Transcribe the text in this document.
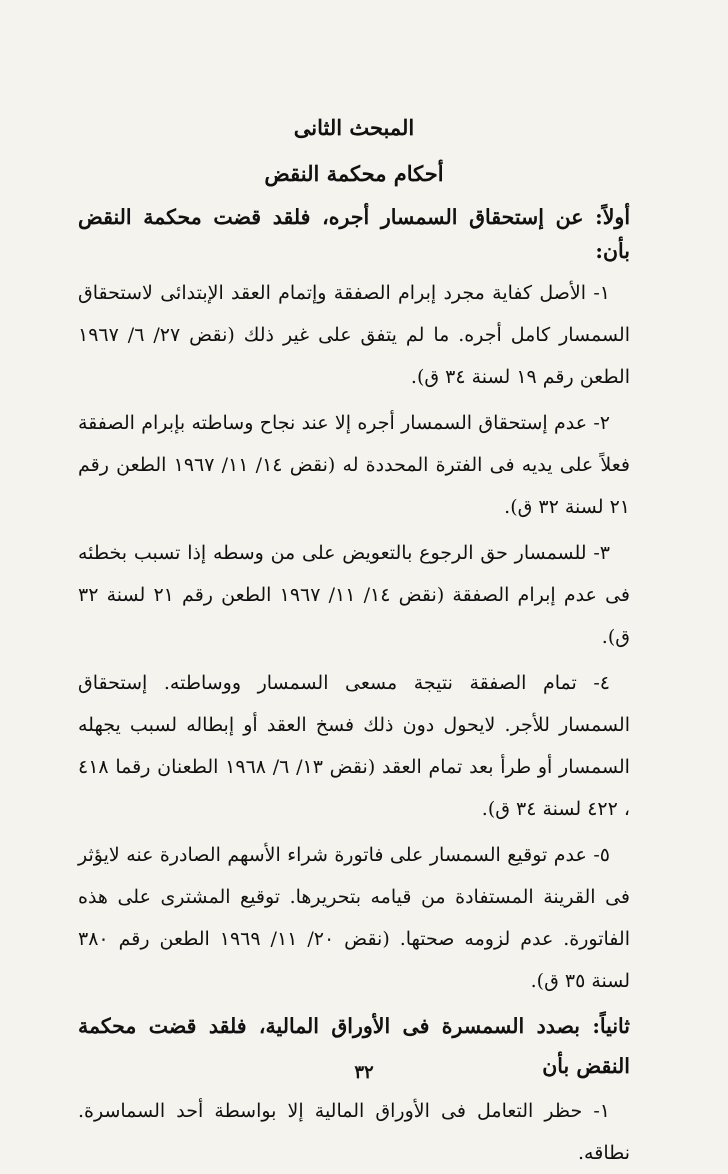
المبحث الثانى
أحكام محكمة النقض

أولاً: عن إستحقاق السمسار أجره، فلقد قضت محكمة النقض بأن:

١- الأصل كفاية مجرد إبرام الصفقة وإتمام العقد الإبتدائى لاستحقاق السمسار كامل أجره. ما لم يتفق على غير ذلك (نقض ٢٧/ ٦/ ١٩٦٧ الطعن رقم ١٩ لسنة ٣٤ ق).

٢- عدم إستحقاق السمسار أجره إلا عند نجاح وساطته بإبرام الصفقة فعلاً على يديه فى الفترة المحددة له (نقض ١٤/ ١١/ ١٩٦٧ الطعن رقم ٢١ لسنة ٣٢ ق).

٣- للسمسار حق الرجوع بالتعويض على من وسطه إذا تسبب بخطئه فى عدم إبرام الصفقة (نقض ١٤/ ١١/ ١٩٦٧ الطعن رقم ٢١ لسنة ٣٢ ق).

٤- تمام الصفقة نتيجة مسعى السمسار ووساطته. إستحقاق السمسار للأجر. لايحول دون ذلك فسخ العقد أو إبطاله لسبب يجهله السمسار أو طرأ بعد تمام العقد (نقض ١٣/ ٦/ ١٩٦٨ الطعنان رقما ٤١٨ ، ٤٢٢ لسنة ٣٤ ق).

٥- عدم توقيع السمسار على فاتورة شراء الأسهم الصادرة عنه لايؤثر فى القرينة المستفادة من قيامه بتحريرها. توقيع المشترى على هذه الفاتورة. عدم لزومه صحتها. (نقض ٢٠/ ١١/ ١٩٦٩ الطعن رقم ٣٨٠ لسنة ٣٥ ق).

ثانياً: بصدد السمسرة فى الأوراق المالية، فلقد قضت محكمة النقض بأن

١- حظر التعامل فى الأوراق المالية إلا بواسطة أحد السماسرة. نطاقه.

٣٢
